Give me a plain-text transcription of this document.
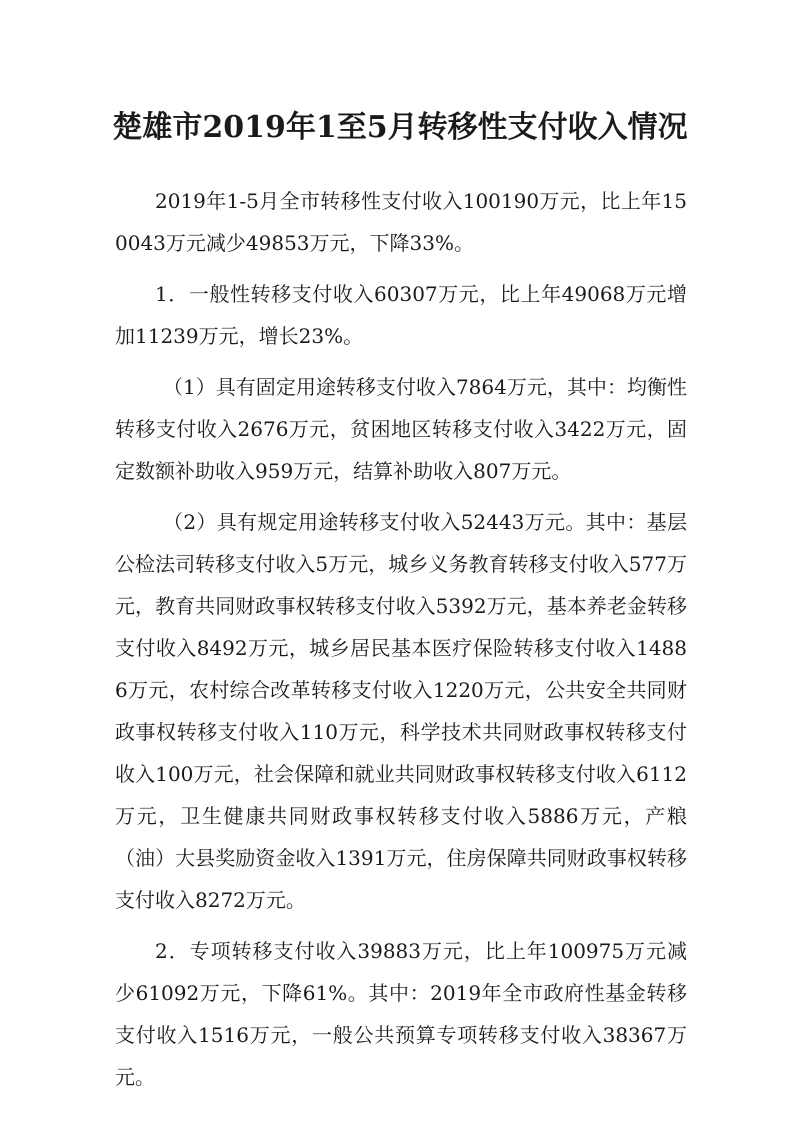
楚雄市2019年1至5月转移性支付收入情况

2019年1-5月全市转移性支付收入100190万元，比上年150043万元减少49853万元，下降33%。

1．一般性转移支付收入60307万元，比上年49068万元增加11239万元，增长23%。

（1）具有固定用途转移支付收入7864万元，其中：均衡性转移支付收入2676万元，贫困地区转移支付收入3422万元，固定数额补助收入959万元，结算补助收入807万元。

（2）具有规定用途转移支付收入52443万元。其中：基层公检法司转移支付收入5万元，城乡义务教育转移支付收入577万元，教育共同财政事权转移支付收入5392万元，基本养老金转移支付收入8492万元，城乡居民基本医疗保险转移支付收入14886万元，农村综合改革转移支付收入1220万元，公共安全共同财政事权转移支付收入110万元，科学技术共同财政事权转移支付收入100万元，社会保障和就业共同财政事权转移支付收入6112万元，卫生健康共同财政事权转移支付收入5886万元，产粮（油）大县奖励资金收入1391万元，住房保障共同财政事权转移支付收入8272万元。

2．专项转移支付收入39883万元，比上年100975万元减少61092万元，下降61%。其中：2019年全市政府性基金转移支付收入1516万元，一般公共预算专项转移支付收入38367万元。
